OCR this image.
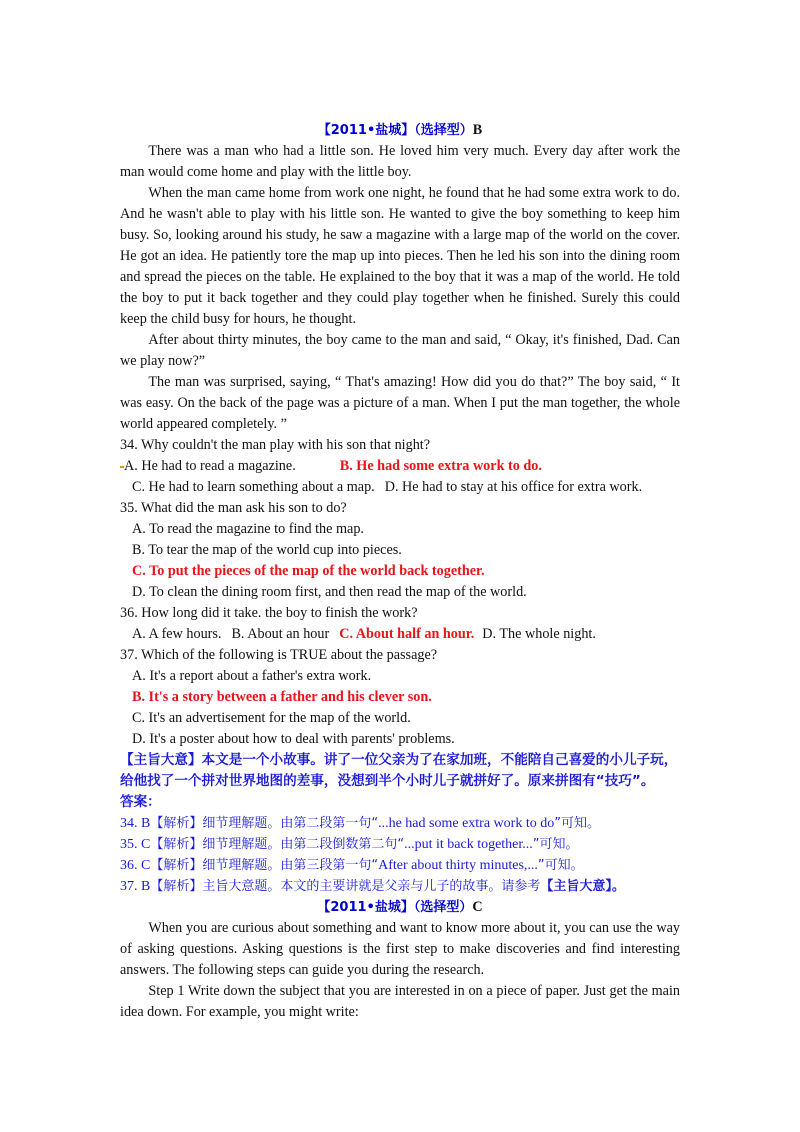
【2011•盐城】（选择型）B

There was a man who had a little son. He loved him very much. Every day after work the man would come home and play with the little boy.

When the man came home from work one night, he found that he had some extra work to do. And he wasn't able to play with his little son. He wanted to give the boy something to keep him busy. So, looking around his study, he saw a magazine with a large map of the world on the cover. He got an idea. He patiently tore the map up into pieces. Then he led his son into the dining room and spread the pieces on the table. He explained to the boy that it was a map of the world. He told the boy to put it back together and they could play together when he finished. Surely this could keep the child busy for hours, he thought.

After about thirty minutes, the boy came to the man and said, “ Okay, it's finished, Dad. Can we play now?”

The man was surprised, saying, “ That's amazing! How did you do that?” The boy said, “ It was easy. On the back of the page was a picture of a man. When I put the man together, the whole world appeared completely. ”

34. Why couldn't the man play with his son that night?

A. He had to read a magazine.	B. He had some extra work to do.

C. He had to learn something about a map. D. He had to stay at his office for extra work.

35. What did the man ask his son to do?

A. To read the magazine to find the map.

B. To tear the map of the world cup into pieces.

C. To put the pieces of the map of the world back together.

D. To clean the dining room first, and then read the map of the world.

36. How long did it take. the boy to finish the work?

A. A few hours. B. About an hour C. About half an hour. D. The whole night.

37. Which of the following is TRUE about the passage?

A. It's a report about a father's extra work.

B. It's a story between a father and his clever son.

C. It's an advertisement for the map of the world.

D. It's a poster about how to deal with parents' problems.

【主旨大意】本文是一个小故事。讲了一位父亲为了在家加班，不能陪自己喜爱的小儿子玩，给他找了一个拼对世界地图的差事，没想到半个小时儿子就拼好了。原来拼图有“技巧”。

答案：

34. B【解析】细节理解题。由第二段第一句“...he had some extra work to do”可知。

35. C【解析】细节理解题。由第二段倒数第二句“...put it back together...”可知。

36. C【解析】细节理解题。由第三段第一句“After about thirty minutes,...”可知。

37. B【解析】主旨大意题。本文的主要讲就是父亲与儿子的故事。请参考【主旨大意】。

【2011•盐城】（选择型）C

When you are curious about something and want to know more about it, you can use the way of asking questions. Asking questions is the first step to make discoveries and find interesting answers. The following steps can guide you during the research.

Step 1 Write down the subject that you are interested in on a piece of paper. Just get the main idea down. For example, you might write:
